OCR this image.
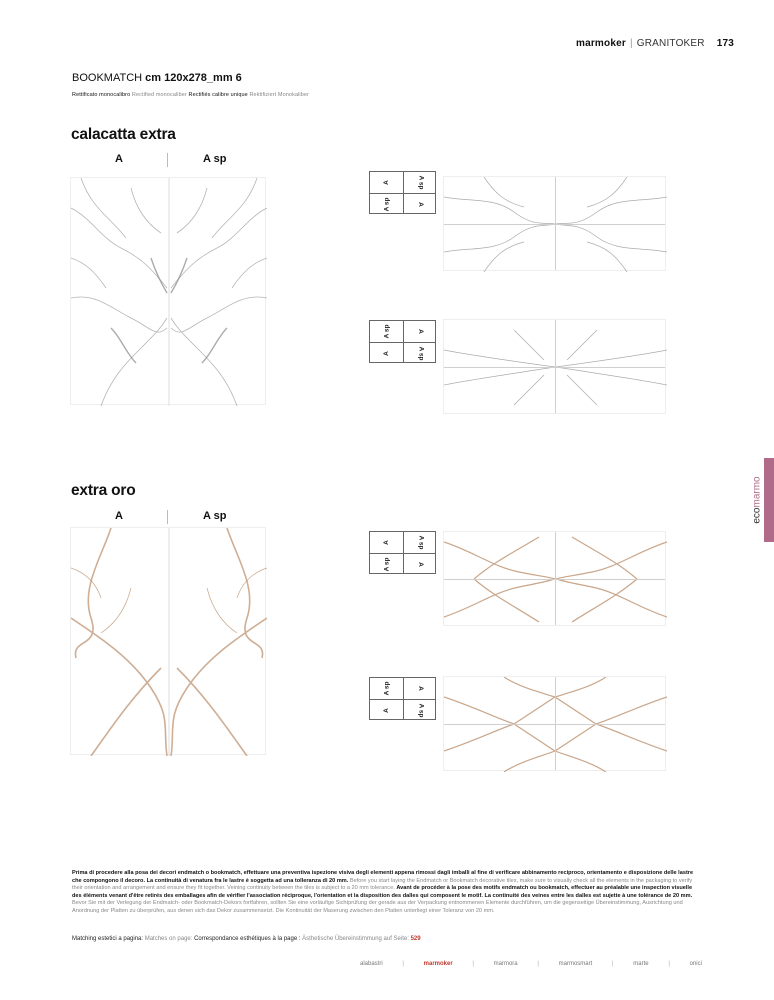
marmoker | GRANITOKER 173
BOOKMATCH cm 120x278_mm 6
Rettificato monocalibro Rectified monocaliber Rectifiés calibre unique Rektifiziert Monokaliber
calacatta extra
A	A sp
A	A sp
A sp	A
A sp	A
A	A sp
extra oro
A	A sp
A	A sp
A sp	A
A sp	A
A	A sp
ecomarmo
Prima di procedere alla posa dei decori endmatch o bookmatch, effettuare una preventiva ispezione visiva degli elementi appena rimossi dagli imballi al fine di verificare abbinamento reciproco, orientamento e disposizione delle lastre che compongono il decoro. La continuità di venatura fra le lastre è soggetta ad una tolleranza di 20 mm. Before you start laying the Endmatch or Bookmatch decorative tiles, make sure to visually check all the elements in the packaging to verify their orientation and arrangement and ensure they fit together. Veining continuity between the tiles is subject to a 20 mm tolerance. Avant de procéder à la pose des motifs endmatch ou bookmatch, effectuer au préalable une inspection visuelle des éléments venant d'être retirés des emballages afin de vérifier l'association réciproque, l'orientation et la disposition des dalles qui composent le motif. La continuité des veines entre les dalles est sujette à une tolérance de 20 mm. Bevor Sie mit der Verlegung der Endmatch- oder Bookmatch-Dekors fortfahren, sollten Sie eine vorläufige Sichtprüfung der gerade aus der Verpackung entnommenen Elemente durchführen, um die gegenseitige Übereinstimmung, Ausrichtung und Anordnung der Platten zu überprüfen, aus denen sich das Dekor zusammensetzt. Die Kontinuität der Maserung zwischen den Platten unterliegt einer Toleranz von 20 mm.
Matching estetici a pagina: Matches on page: Correspondance esthétiques à la page : Ästhetische Übereinstimmung auf Seite: 529
alabastri	|	marmoker	|	marmora	|	marmosmart	|	marte	|	onici
